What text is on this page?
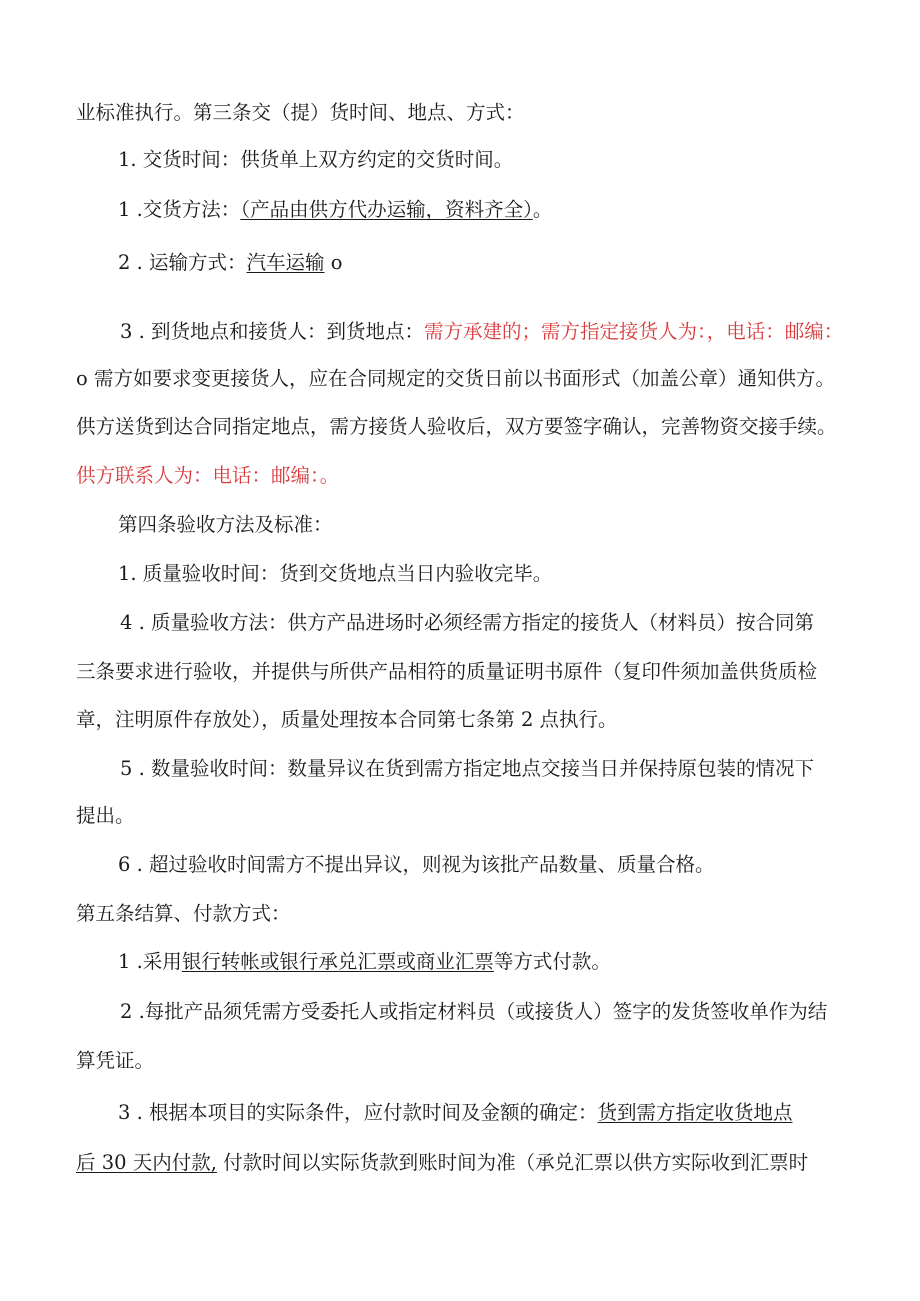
业标准执行。第三条交（提）货时间、地点、方式：
1. 交货时间：供货单上双方约定的交货时间。
1 .交货方法：（产品由供方代办运输，资料齐全）。
2 . 运输方式：汽车运输 o
3 . 到货地点和接货人：到货地点：需方承建的；需方指定接货人为：，电话：邮编：
o 需方如要求变更接货人，应在合同规定的交货日前以书面形式（加盖公章）通知供方。
供方送货到达合同指定地点，需方接货人验收后，双方要签字确认，完善物资交接手续。
供方联系人为：电话：邮编：。
第四条验收方法及标准：
1. 质量验收时间：货到交货地点当日内验收完毕。
4 . 质量验收方法：供方产品进场时必须经需方指定的接货人（材料员）按合同第
三条要求进行验收，并提供与所供产品相符的质量证明书原件（复印件须加盖供货质检
章，注明原件存放处），质量处理按本合同第七条第 2 点执行。
5 . 数量验收时间：数量异议在货到需方指定地点交接当日并保持原包装的情况下
提出。
6 . 超过验收时间需方不提出异议，则视为该批产品数量、质量合格。
第五条结算、付款方式：
1 .采用银行转帐或银行承兑汇票或商业汇票等方式付款。
2 .每批产品须凭需方受委托人或指定材料员（或接货人）签字的发货签收单作为结
算凭证。
3 . 根据本项目的实际条件，应付款时间及金额的确定：货到需方指定收货地点
后 30 天内付款, 付款时间以实际货款到账时间为准（承兑汇票以供方实际收到汇票时
